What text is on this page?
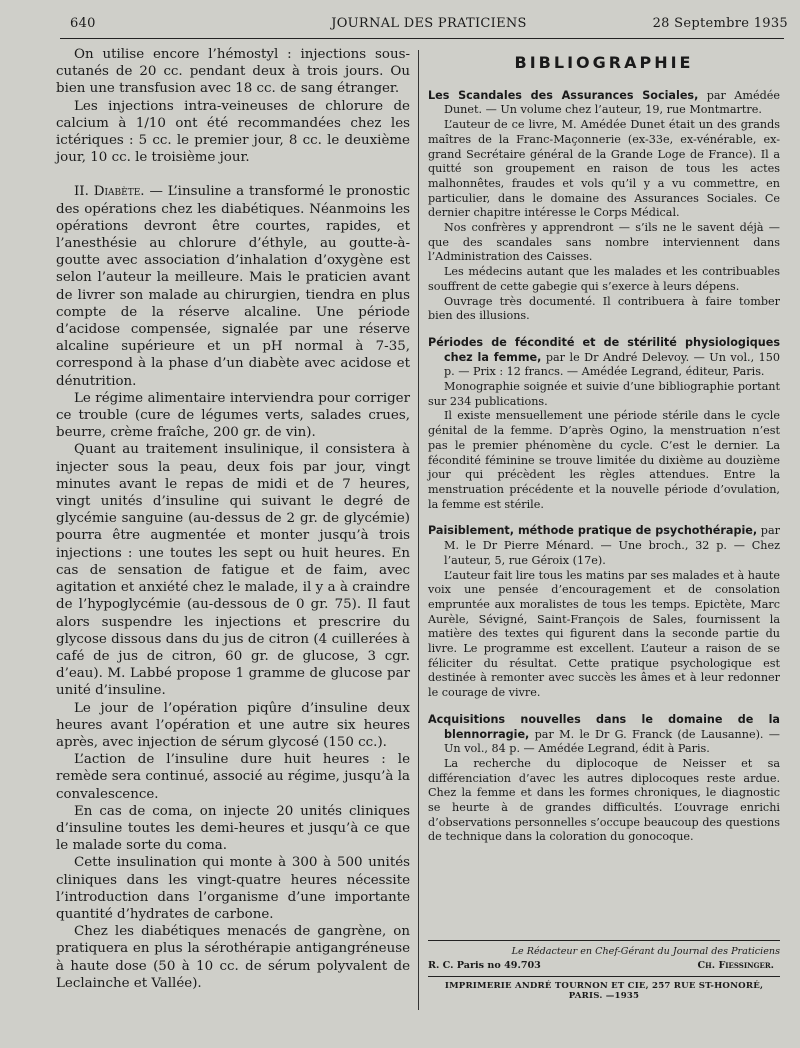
640	JOURNAL DES PRATICIENS	28 Septembre 1935

On utilise encore l’hémostyl : injections sous-cutanés de 20 cc. pendant deux à trois jours. Ou bien une transfusion avec 18 cc. de sang étranger.

Les injections intra-veineuses de chlorure de calcium à 1/10 ont été recommandées chez les ictériques : 5 cc. le premier jour, 8 cc. le deuxième jour, 10 cc. le troisième jour.

II. Diabète. — L’insuline a transformé le pronostic des opérations chez les diabétiques. Néanmoins les opérations devront être courtes, rapides, et l’anesthésie au chlorure d’éthyle, au goutte-à-goutte avec association d’inhalation d’oxygène est selon l’auteur la meilleure. Mais le praticien avant de livrer son malade au chirurgien, tiendra en plus compte de la réserve alcaline. Une période d’acidose compensée, signalée par une réserve alcaline supérieure et un pH normal à 7-35, correspond à la phase d’un diabète avec acidose et dénutrition.

Le régime alimentaire interviendra pour corriger ce trouble (cure de légumes verts, salades crues, beurre, crème fraîche, 200 gr. de vin).

Quant au traitement insulinique, il consistera à injecter sous la peau, deux fois par jour, vingt minutes avant le repas de midi et de 7 heures, vingt unités d’insuline qui suivant le degré de glycémie sanguine (au-dessus de 2 gr. de glycémie) pourra être augmentée et monter jusqu’à trois injections : une toutes les sept ou huit heures. En cas de sensation de fatigue et de faim, avec agitation et anxiété chez le malade, il y a à craindre de l’hypoglycémie (au-dessous de 0 gr. 75). Il faut alors suspendre les injections et prescrire du glycose dissous dans du jus de citron (4 cuillerées à café de jus de citron, 60 gr. de glucose, 3 cgr. d’eau). M. Labbé propose 1 gramme de glucose par unité d’insuline.

Le jour de l’opération piqûre d’insuline deux heures avant l’opération et une autre six heures après, avec injection de sérum glycosé (150 cc.).

L’action de l’insuline dure huit heures : le remède sera continué, associé au régime, jusqu’à la convalescence.

En cas de coma, on injecte 20 unités cliniques d’insuline toutes les demi-heures et jusqu’à ce que le malade sorte du coma.

Cette insulination qui monte à 300 à 500 unités cliniques dans les vingt-quatre heures nécessite l’introduction dans l’organisme d’une importante quantité d’hydrates de carbone.

Chez les diabétiques menacés de gangrène, on pratiquera en plus la sérothérapie antigangréneuse à haute dose (50 à 10 cc. de sérum polyvalent de Leclainche et Vallée).

BIBLIOGRAPHIE

Les Scandales des Assurances Sociales, par Amédée Dunet. — Un volume chez l’auteur, 19, rue Montmartre.

L’auteur de ce livre, M. Amédée Dunet était un des grands maîtres de la Franc-Maçonnerie (ex-33e, ex-vénérable, ex-grand Secrétaire général de la Grande Loge de France). Il a quitté son groupement en raison de tous les actes malhonnêtes, fraudes et vols qu’il y a vu commettre, en particulier, dans le domaine des Assurances Sociales. Ce dernier chapitre intéresse le Corps Médical.

Nos confrères y apprendront — s’ils ne le savent déjà — que des scandales sans nombre interviennent dans l’Administration des Caisses.

Les médecins autant que les malades et les contribuables souffrent de cette gabegie qui s’exerce à leurs dépens.

Ouvrage très documenté. Il contribuera à faire tomber bien des illusions.

Périodes de fécondité et de stérilité physiologiques chez la femme, par le Dr André Delevoy. — Un vol., 150 p. — Prix : 12 francs. — Amédée Legrand, éditeur, Paris.

Monographie soignée et suivie d’une bibliographie portant sur 234 publications.

Il existe mensuellement une période stérile dans le cycle génital de la femme. D’après Ogino, la menstruation n’est pas le premier phénomène du cycle. C’est le dernier. La fécondité féminine se trouve limitée du dixième au douzième jour qui précèdent les règles attendues. Entre la menstruation précédente et la nouvelle période d’ovulation, la femme est stérile.

Paisiblement, méthode pratique de psychothérapie, par M. le Dr Pierre Ménard. — Une broch., 32 p. — Chez l’auteur, 5, rue Géroix (17e).

L’auteur fait lire tous les matins par ses malades et à haute voix une pensée d’encouragement et de consolation empruntée aux moralistes de tous les temps. Epictète, Marc Aurèle, Sévigné, Saint-François de Sales, fournissent la matière des textes qui figurent dans la seconde partie du livre. Le programme est excellent. L’auteur a raison de se féliciter du résultat. Cette pratique psychologique est destinée à remonter avec succès les âmes et à leur redonner le courage de vivre.

Acquisitions nouvelles dans le domaine de la blennorragie, par M. le Dr G. Franck (de Lausanne). — Un vol., 84 p. — Amédée Legrand, édit à Paris.

La recherche du diplocoque de Neisser et sa différenciation d’avec les autres diplocoques reste ardue. Chez la femme et dans les formes chroniques, le diagnostic se heurte à de grandes difficultés. L’ouvrage enrichi d’observations personnelles s’occupe beaucoup des questions de technique dans la coloration du gonocoque.

Le Rédacteur en Chef-Gérant du Journal des Praticiens
R. C. Paris no 49.703	Ch. Fiessinger.
IMPRIMERIE ANDRÉ TOURNON ET CIE, 257 RUE ST-HONORÉ, PARIS. —1935
